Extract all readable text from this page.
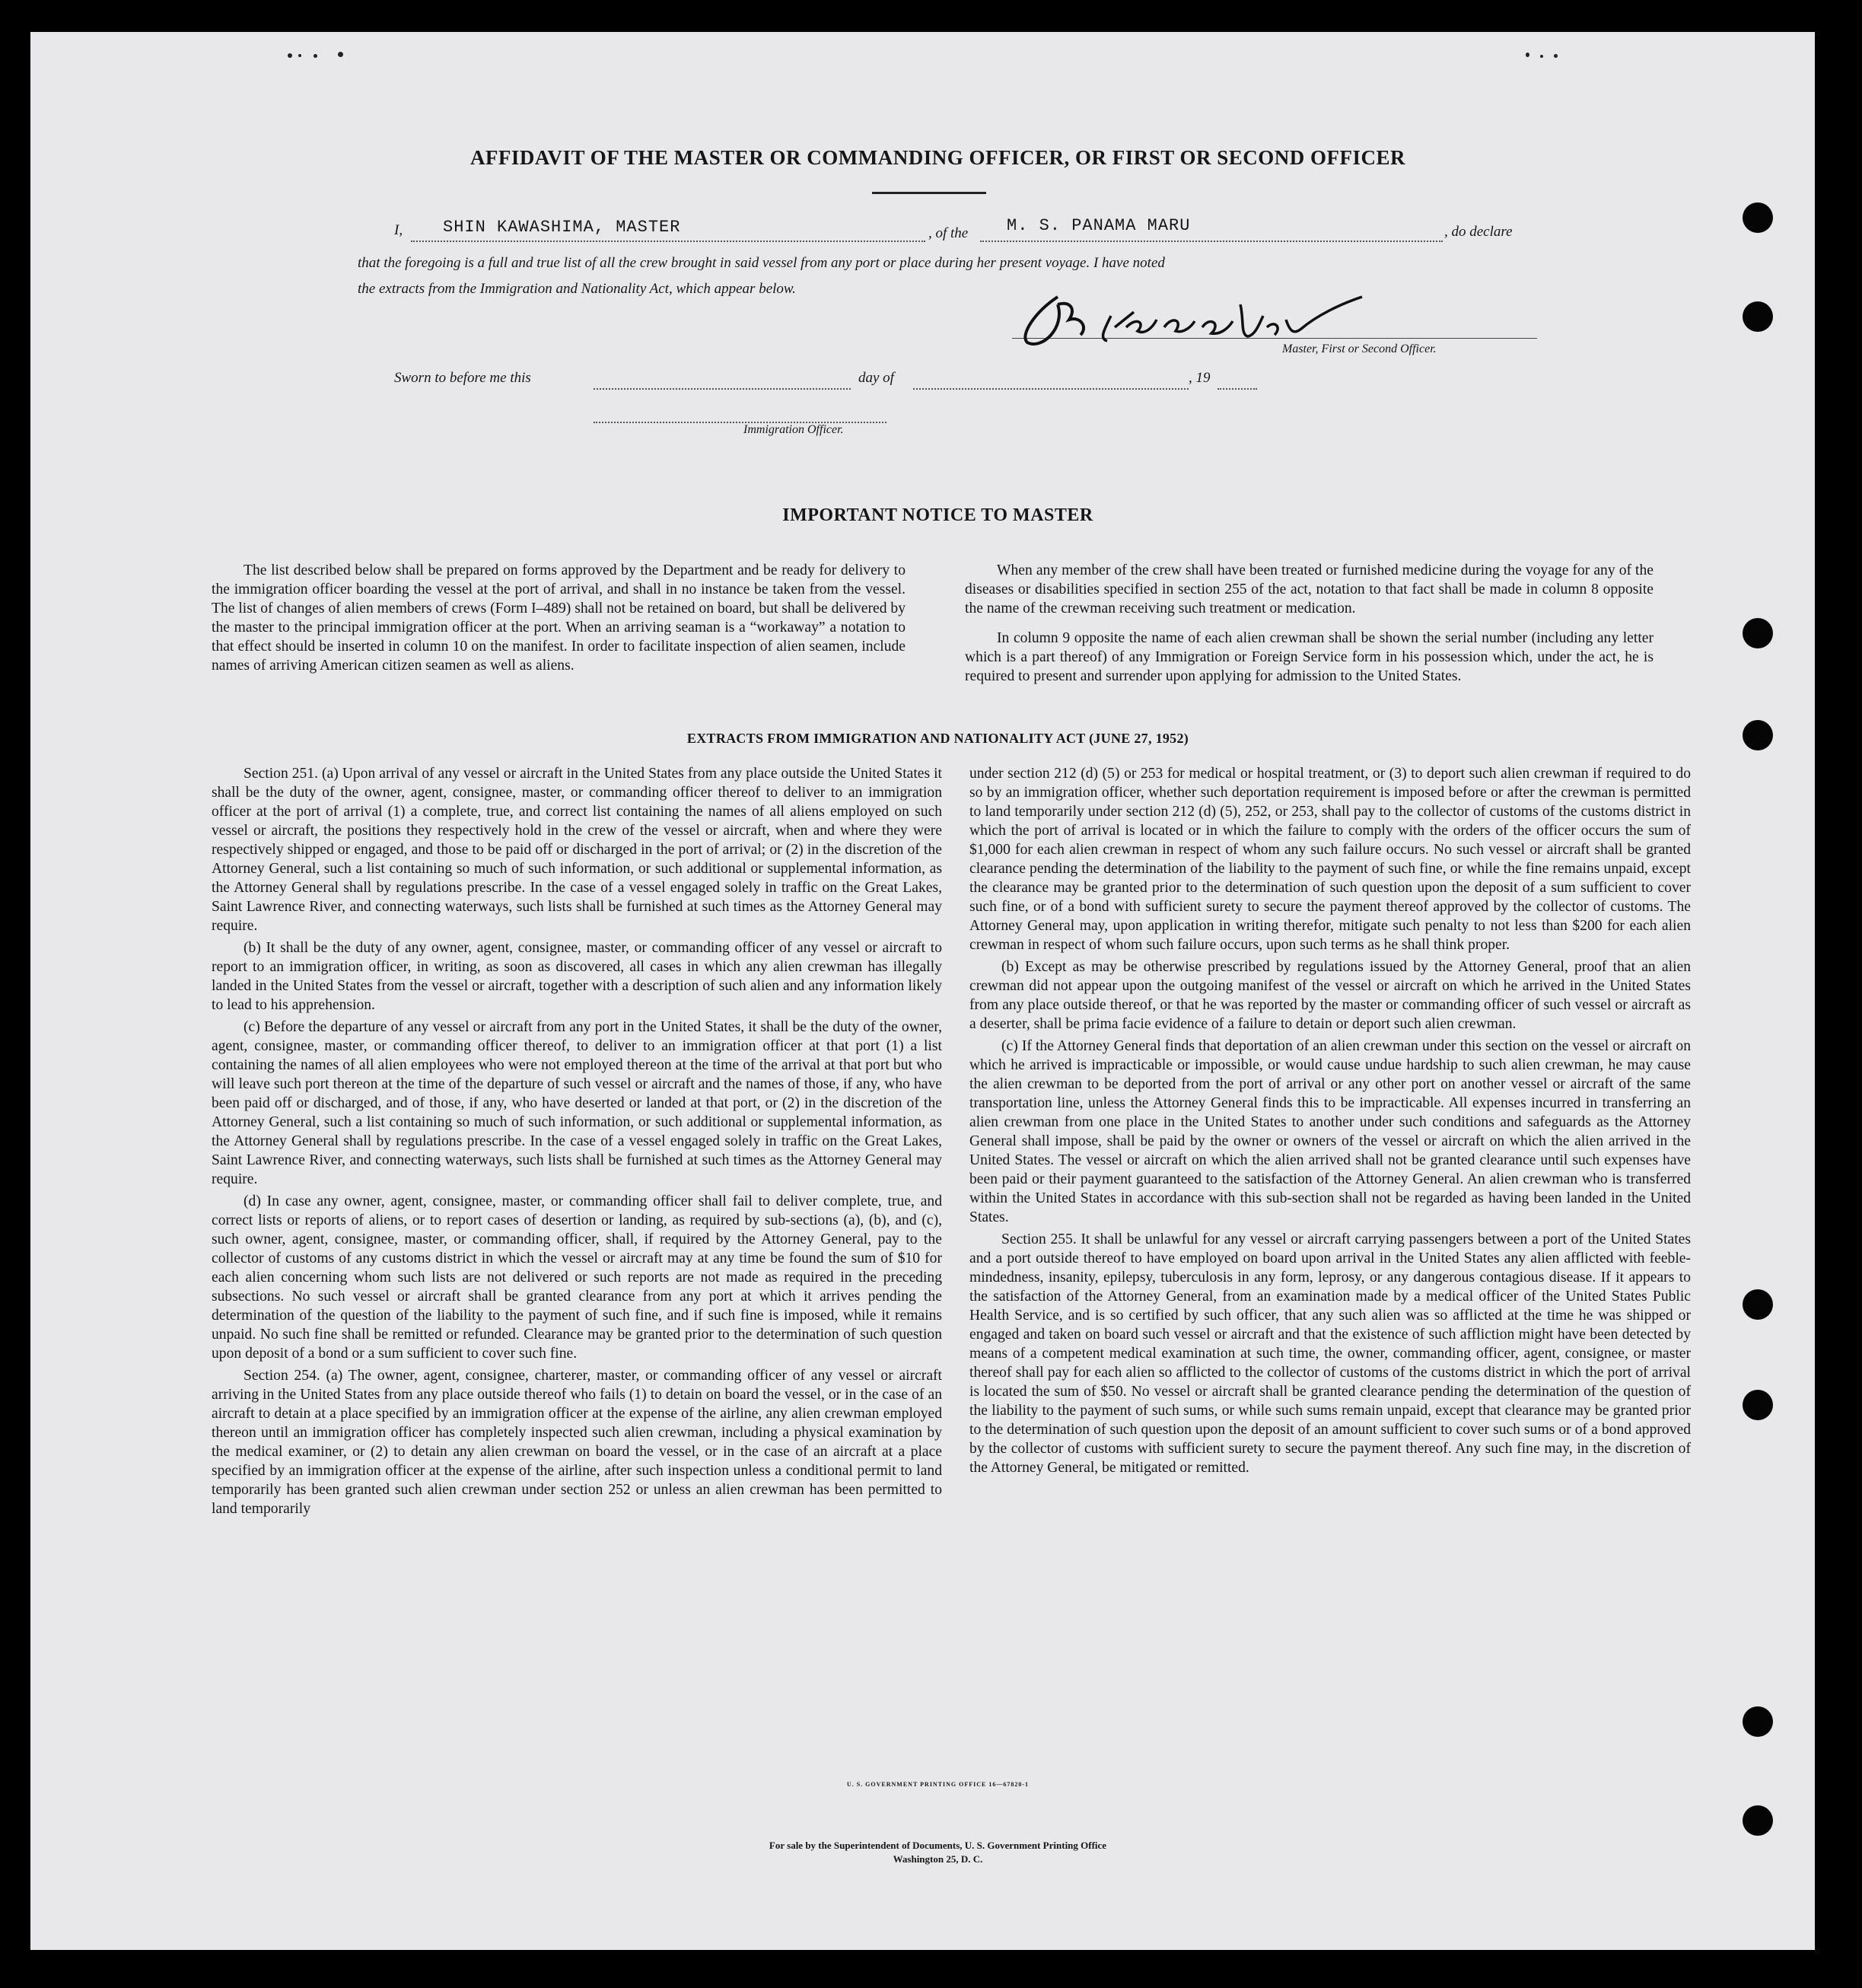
AFFIDAVIT OF THE MASTER OR COMMANDING OFFICER, OR FIRST OR SECOND OFFICER
I, SHIN KAWASHIMA, MASTER	, of the M. S. PANAMA MARU	, do declare
that the foregoing is a full and true list of all the crew brought in said vessel from any port or place during her present voyage. I have noted
the extracts from the Immigration and Nationality Act, which appear below.
Master, First or Second Officer.
Sworn to before me this	day of	, 19
Immigration Officer.
IMPORTANT NOTICE TO MASTER

The list described below shall be prepared on forms approved by the Department and be ready for delivery to the immigration officer boarding the vessel at the port of arrival, and shall in no instance be taken from the vessel. The list of changes of alien members of crews (Form I–489) shall not be retained on board, but shall be delivered by the master to the principal immigration officer at the port. When an arriving seaman is a “workaway” a notation to that effect should be inserted in column 10 on the manifest. In order to facilitate inspection of alien seamen, include names of arriving American citizen seamen as well as aliens.

When any member of the crew shall have been treated or furnished medicine during the voyage for any of the diseases or disabilities specified in section 255 of the act, notation to that fact shall be made in column 8 opposite the name of the crewman receiving such treatment or medication.

In column 9 opposite the name of each alien crewman shall be shown the serial number (including any letter which is a part thereof) of any Immigration or Foreign Service form in his possession which, under the act, he is required to present and surrender upon applying for admission to the United States.

EXTRACTS FROM IMMIGRATION AND NATIONALITY ACT (JUNE 27, 1952)

Section 251. (a) Upon arrival of any vessel or aircraft in the United States from any place outside the United States it shall be the duty of the owner, agent, consignee, master, or commanding officer thereof to deliver to an immigration officer at the port of arrival (1) a complete, true, and correct list containing the names of all aliens employed on such vessel or aircraft, the positions they respectively hold in the crew of the vessel or aircraft, when and where they were respectively shipped or engaged, and those to be paid off or discharged in the port of arrival; or (2) in the discretion of the Attorney General, such a list containing so much of such information, or such additional or supplemental information, as the Attorney General shall by regulations prescribe. In the case of a vessel engaged solely in traffic on the Great Lakes, Saint Lawrence River, and connecting waterways, such lists shall be furnished at such times as the Attorney General may require.

(b) It shall be the duty of any owner, agent, consignee, master, or commanding officer of any vessel or aircraft to report to an immigration officer, in writing, as soon as discovered, all cases in which any alien crewman has illegally landed in the United States from the vessel or aircraft, together with a description of such alien and any information likely to lead to his apprehension.

(c) Before the departure of any vessel or aircraft from any port in the United States, it shall be the duty of the owner, agent, consignee, master, or commanding officer thereof, to deliver to an immigration officer at that port (1) a list containing the names of all alien employees who were not employed thereon at the time of the arrival at that port but who will leave such port thereon at the time of the departure of such vessel or aircraft and the names of those, if any, who have been paid off or discharged, and of those, if any, who have deserted or landed at that port, or (2) in the discretion of the Attorney General, such a list containing so much of such information, or such additional or supplemental information, as the Attorney General shall by regulations prescribe. In the case of a vessel engaged solely in traffic on the Great Lakes, Saint Lawrence River, and connecting waterways, such lists shall be furnished at such times as the Attorney General may require.

(d) In case any owner, agent, consignee, master, or commanding officer shall fail to deliver complete, true, and correct lists or reports of aliens, or to report cases of desertion or landing, as required by sub-sections (a), (b), and (c), such owner, agent, consignee, master, or commanding officer, shall, if required by the Attorney General, pay to the collector of customs of any customs district in which the vessel or aircraft may at any time be found the sum of $10 for each alien concerning whom such lists are not delivered or such reports are not made as required in the preceding subsections. No such vessel or aircraft shall be granted clearance from any port at which it arrives pending the determination of the question of the liability to the payment of such fine, and if such fine is imposed, while it remains unpaid. No such fine shall be remitted or refunded. Clearance may be granted prior to the determination of such question upon deposit of a bond or a sum sufficient to cover such fine.

Section 254. (a) The owner, agent, consignee, charterer, master, or commanding officer of any vessel or aircraft arriving in the United States from any place outside thereof who fails (1) to detain on board the vessel, or in the case of an aircraft to detain at a place specified by an immigration officer at the expense of the airline, any alien crewman employed thereon until an immigration officer has completely inspected such alien crewman, including a physical examination by the medical examiner, or (2) to detain any alien crewman on board the vessel, or in the case of an aircraft at a place specified by an immigration officer at the expense of the airline, after such inspection unless a conditional permit to land temporarily has been granted such alien crewman under section 252 or unless an alien crewman has been permitted to land temporarily

under section 212 (d) (5) or 253 for medical or hospital treatment, or (3) to deport such alien crewman if required to do so by an immigration officer, whether such deportation requirement is imposed before or after the crewman is permitted to land temporarily under section 212 (d) (5), 252, or 253, shall pay to the collector of customs of the customs district in which the port of arrival is located or in which the failure to comply with the orders of the officer occurs the sum of $1,000 for each alien crewman in respect of whom any such failure occurs. No such vessel or aircraft shall be granted clearance pending the determination of the liability to the payment of such fine, or while the fine remains unpaid, except the clearance may be granted prior to the determination of such question upon the deposit of a sum sufficient to cover such fine, or of a bond with sufficient surety to secure the payment thereof approved by the collector of customs. The Attorney General may, upon application in writing therefor, mitigate such penalty to not less than $200 for each alien crewman in respect of whom such failure occurs, upon such terms as he shall think proper.

(b) Except as may be otherwise prescribed by regulations issued by the Attorney General, proof that an alien crewman did not appear upon the outgoing manifest of the vessel or aircraft on which he arrived in the United States from any place outside thereof, or that he was reported by the master or commanding officer of such vessel or aircraft as a deserter, shall be prima facie evidence of a failure to detain or deport such alien crewman.

(c) If the Attorney General finds that deportation of an alien crewman under this section on the vessel or aircraft on which he arrived is impracticable or impossible, or would cause undue hardship to such alien crewman, he may cause the alien crewman to be deported from the port of arrival or any other port on another vessel or aircraft of the same transportation line, unless the Attorney General finds this to be impracticable. All expenses incurred in transferring an alien crewman from one place in the United States to another under such conditions and safeguards as the Attorney General shall impose, shall be paid by the owner or owners of the vessel or aircraft on which the alien arrived in the United States. The vessel or aircraft on which the alien arrived shall not be granted clearance until such expenses have been paid or their payment guaranteed to the satisfaction of the Attorney General. An alien crewman who is transferred within the United States in accordance with this sub-section shall not be regarded as having been landed in the United States.

Section 255. It shall be unlawful for any vessel or aircraft carrying passengers between a port of the United States and a port outside thereof to have employed on board upon arrival in the United States any alien afflicted with feeble-mindedness, insanity, epilepsy, tuberculosis in any form, leprosy, or any dangerous contagious disease. If it appears to the satisfaction of the Attorney General, from an examination made by a medical officer of the United States Public Health Service, and is so certified by such officer, that any such alien was so afflicted at the time he was shipped or engaged and taken on board such vessel or aircraft and that the existence of such affliction might have been detected by means of a competent medical examination at such time, the owner, commanding officer, agent, consignee, or master thereof shall pay for each alien so afflicted to the collector of customs of the customs district in which the port of arrival is located the sum of $50. No vessel or aircraft shall be granted clearance pending the determination of the question of the liability to the payment of such sums, or while such sums remain unpaid, except that clearance may be granted prior to the determination of such question upon the deposit of an amount sufficient to cover such sums or of a bond approved by the collector of customs with sufficient surety to secure the payment thereof. Any such fine may, in the discretion of the Attorney General, be mitigated or remitted.

U. S. GOVERNMENT PRINTING OFFICE 16—67820-1
For sale by the Superintendent of Documents, U. S. Government Printing Office
Washington 25, D. C.
